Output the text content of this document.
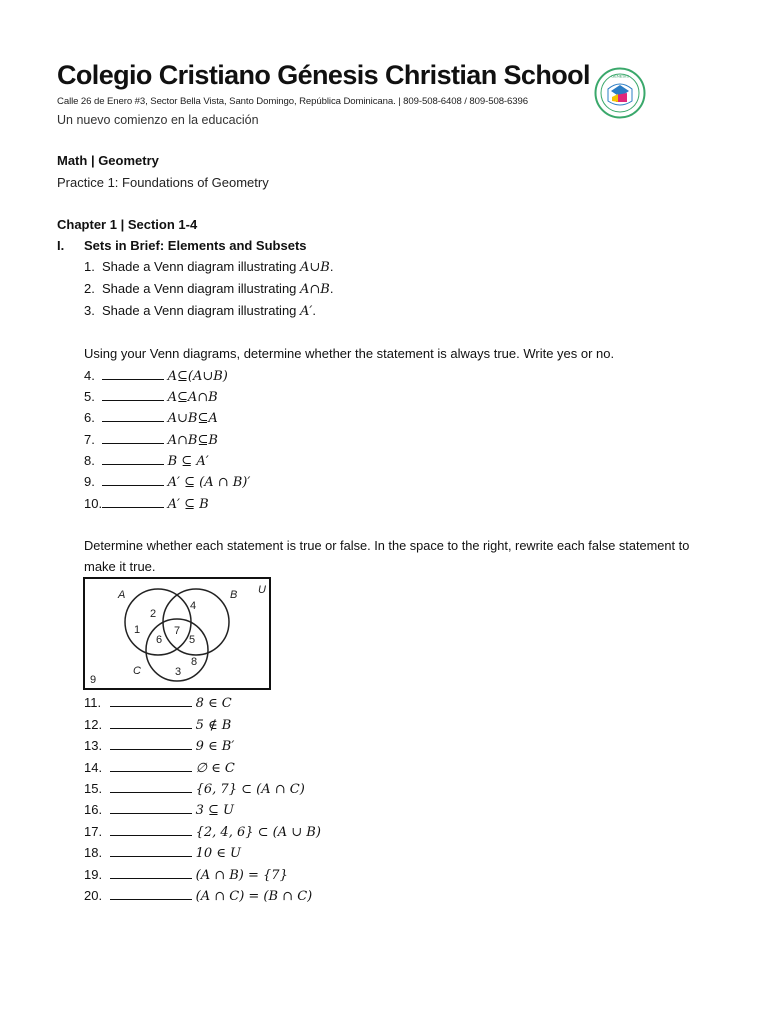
Colegio Cristiano Génesis Christian School
Calle 26 de Enero #3, Sector Bella Vista, Santo Domingo, República Dominicana. | 809-508-6408 / 809-508-6396
Un nuevo comienzo en la educación
GÉNESIS
Math | Geometry
Practice 1: Foundations of Geometry
Chapter 1 | Section 1-4
I. Sets in Brief: Elements and Subsets
1. Shade a Venn diagram illustrating A∪B.
2. Shade a Venn diagram illustrating A∩B.
3. Shade a Venn diagram illustrating A′.
Using your Venn diagrams, determine whether the statement is always true. Write yes or no.
4.	A⊆(A∪B)
5.	A⊆A∩B
6.	A∪B⊆A
7.	A∩B⊆B
8.	B ⊆ A′
9.	A′ ⊆ (A ∩ B)′
10.	A′ ⊆ B
Determine whether each statement is true or false. In the space to the right, rewrite each false statement to
make it true.
A	B
C
U
1
2
3
4
5
6
7
8
9
11.	8 ∈ C
12.	5 ∉ B
13.	9 ∈ B′
14.	∅ ∈ C
15.	{6, 7} ⊂ (A ∩ C)
16.	3 ⊆ U
17.	{2, 4, 6} ⊂ (A ∪ B)
18.	10 ∈ U
19.	(A ∩ B) = {7}
20.	(A ∩ C) = (B ∩ C)
